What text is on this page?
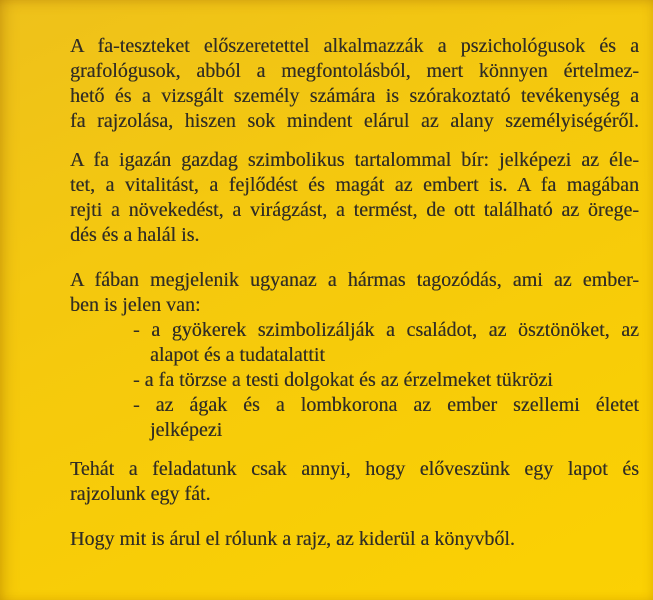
A fa-teszteket előszeretettel alkalmazzák a pszichológusok és a
grafológusok, abból a megfontolásból, mert könnyen értelmez-
hető és a vizsgált személy számára is szórakoztató tevékenység a
fa rajzolása, hiszen sok mindent elárul az alany személyiségéről.
A fa igazán gazdag szimbolikus tartalommal bír: jelképezi az éle-
tet, a vitalitást, a fejlődést és magát az embert is. A fa magában
rejti a növekedést, a virágzást, a termést, de ott található az örege-
dés és a halál is.
A fában megjelenik ugyanaz a hármas tagozódás, ami az ember-
ben is jelen van:
- a gyökerek szimbolizálják a családot, az ösztönöket, az
alapot és a tudatalattit
- a fa törzse a testi dolgokat és az érzelmeket tükrözi
- az ágak és a lombkorona az ember szellemi életet
jelképezi
Tehát a feladatunk csak annyi, hogy előveszünk egy lapot és
rajzolunk egy fát.
Hogy mit is árul el rólunk a rajz, az kiderül a könyvből.
